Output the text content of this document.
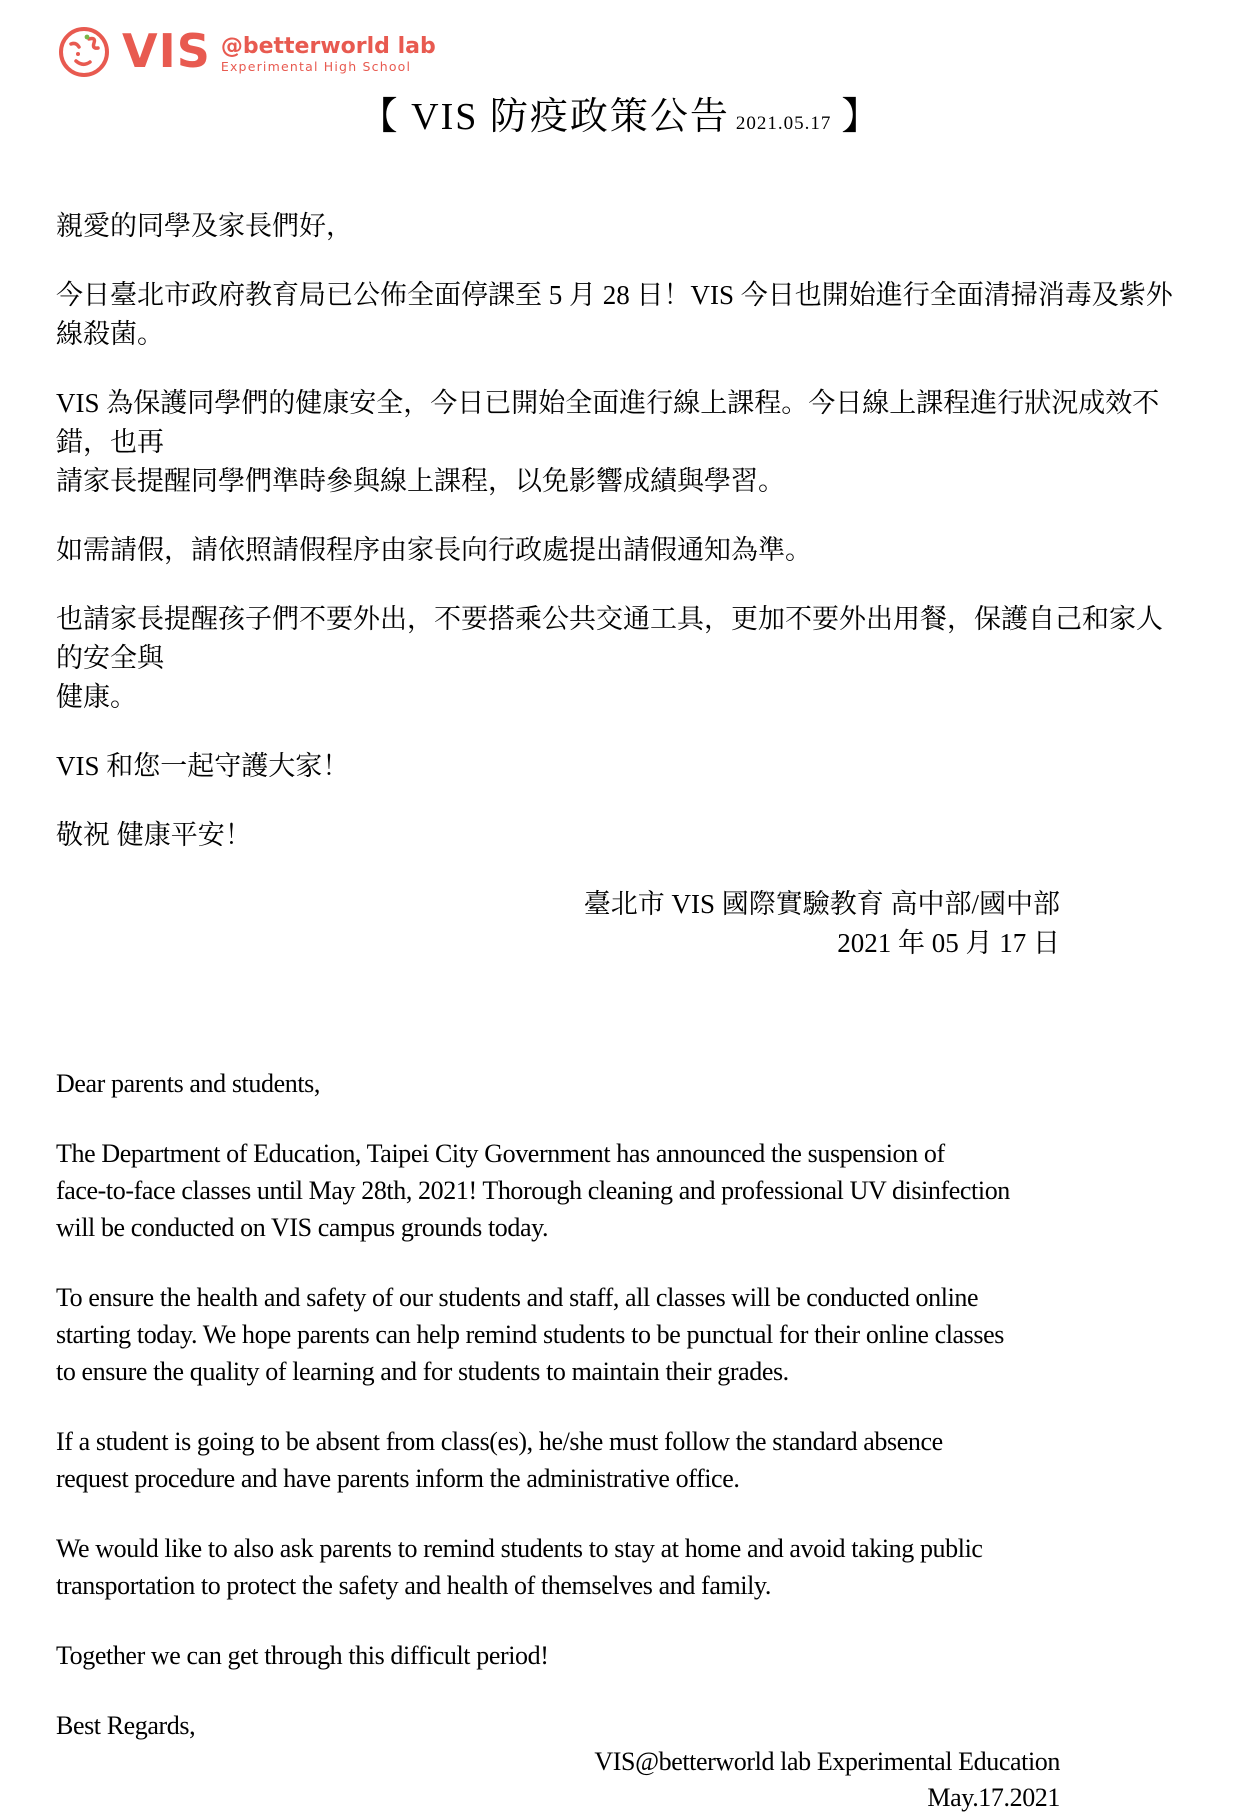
VIS @betterworld lab
Experimental High School
【 VIS 防疫政策公告 2021.05.17 】

親愛的同學及家長們好，

今日臺北市政府教育局已公佈全面停課至 5 月 28 日！VIS 今日也開始進行全面清掃消毒及紫外線殺菌。

VIS 為保護同學們的健康安全，今日已開始全面進行線上課程。今日線上課程進行狀況成效不錯，也再
請家長提醒同學們準時參與線上課程，以免影響成績與學習。

如需請假，請依照請假程序由家長向行政處提出請假通知為準。

也請家長提醒孩子們不要外出，不要搭乘公共交通工具，更加不要外出用餐，保護自己和家人的安全與
健康。

VIS 和您一起守護大家！

敬祝 健康平安！

臺北市 VIS 國際實驗教育 高中部/國中部
2021 年 05 月 17 日

Dear parents and students,

The Department of Education, Taipei City Government has announced the suspension of
face-to-face classes until May 28th, 2021! Thorough cleaning and professional UV disinfection
will be conducted on VIS campus grounds today.

To ensure the health and safety of our students and staff, all classes will be conducted online
starting today. We hope parents can help remind students to be punctual for their online classes
to ensure the quality of learning and for students to maintain their grades.

If a student is going to be absent from class(es), he/she must follow the standard absence
request procedure and have parents inform the administrative office.

We would like to also ask parents to remind students to stay at home and avoid taking public
transportation to protect the safety and health of themselves and family.

Together we can get through this difficult period!

Best Regards,

VIS@betterworld lab Experimental Education
May.17.2021
